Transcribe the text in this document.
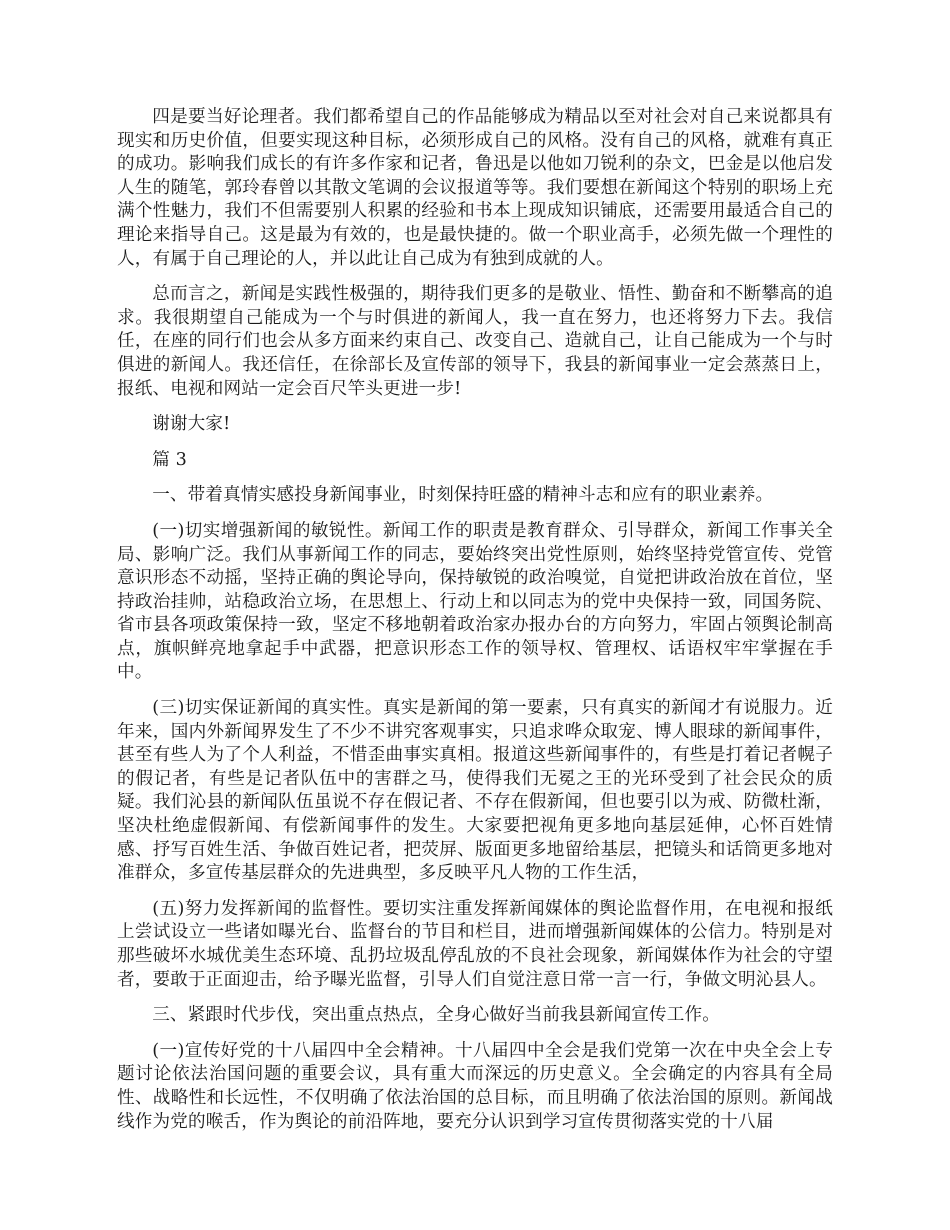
四是要当好论理者。我们都希望自己的作品能够成为精品以至对社会对自己来说都具有现实和历史价值，但要实现这种目标，必须形成自己的风格。没有自己的风格，就难有真正的成功。影响我们成长的有许多作家和记者，鲁迅是以他如刀锐利的杂文，巴金是以他启发人生的随笔，郭玲春曾以其散文笔调的会议报道等等。我们要想在新闻这个特别的职场上充满个性魅力，我们不但需要别人积累的经验和书本上现成知识铺底，还需要用最适合自己的理论来指导自己。这是最为有效的，也是最快捷的。做一个职业高手，必须先做一个理性的人，有属于自己理论的人，并以此让自己成为有独到成就的人。

总而言之，新闻是实践性极强的，期待我们更多的是敬业、悟性、勤奋和不断攀高的追求。我很期望自己能成为一个与时俱进的新闻人，我一直在努力，也还将努力下去。我信任，在座的同行们也会从多方面来约束自己、改变自己、造就自己，让自己能成为一个与时俱进的新闻人。我还信任，在徐部长及宣传部的领导下，我县的新闻事业一定会蒸蒸日上，报纸、电视和网站一定会百尺竿头更进一步!

谢谢大家!

篇 3

一、带着真情实感投身新闻事业，时刻保持旺盛的精神斗志和应有的职业素养。

(一)切实增强新闻的敏锐性。新闻工作的职责是教育群众、引导群众，新闻工作事关全局、影响广泛。我们从事新闻工作的同志，要始终突出党性原则，始终坚持党管宣传、党管意识形态不动摇，坚持正确的舆论导向，保持敏锐的政治嗅觉，自觉把讲政治放在首位，坚持政治挂帅，站稳政治立场，在思想上、行动上和以同志为的党中央保持一致，同国务院、省市县各项政策保持一致，坚定不移地朝着政治家办报办台的方向努力，牢固占领舆论制高点，旗帜鲜亮地拿起手中武器，把意识形态工作的领导权、管理权、话语权牢牢掌握在手中。

(三)切实保证新闻的真实性。真实是新闻的第一要素，只有真实的新闻才有说服力。近年来，国内外新闻界发生了不少不讲究客观事实，只追求哗众取宠、博人眼球的新闻事件，甚至有些人为了个人利益，不惜歪曲事实真相。报道这些新闻事件的，有些是打着记者幌子的假记者，有些是记者队伍中的害群之马，使得我们无冕之王的光环受到了社会民众的质疑。我们沁县的新闻队伍虽说不存在假记者、不存在假新闻，但也要引以为戒、防微杜渐，坚决杜绝虚假新闻、有偿新闻事件的发生。大家要把视角更多地向基层延伸，心怀百姓情感、抒写百姓生活、争做百姓记者，把荧屏、版面更多地留给基层，把镜头和话筒更多地对准群众，多宣传基层群众的先进典型，多反映平凡人物的工作生活，

(五)努力发挥新闻的监督性。要切实注重发挥新闻媒体的舆论监督作用，在电视和报纸上尝试设立一些诸如曝光台、监督台的节目和栏目，进而增强新闻媒体的公信力。特别是对那些破坏水城优美生态环境、乱扔垃圾乱停乱放的不良社会现象，新闻媒体作为社会的守望者，要敢于正面迎击，给予曝光监督，引导人们自觉注意日常一言一行，争做文明沁县人。

三、紧跟时代步伐，突出重点热点，全身心做好当前我县新闻宣传工作。

(一)宣传好党的十八届四中全会精神。十八届四中全会是我们党第一次在中央全会上专题讨论依法治国问题的重要会议，具有重大而深远的历史意义。全会确定的内容具有全局性、战略性和长远性，不仅明确了依法治国的总目标，而且明确了依法治国的原则。新闻战线作为党的喉舌，作为舆论的前沿阵地，要充分认识到学习宣传贯彻落实党的十八届
